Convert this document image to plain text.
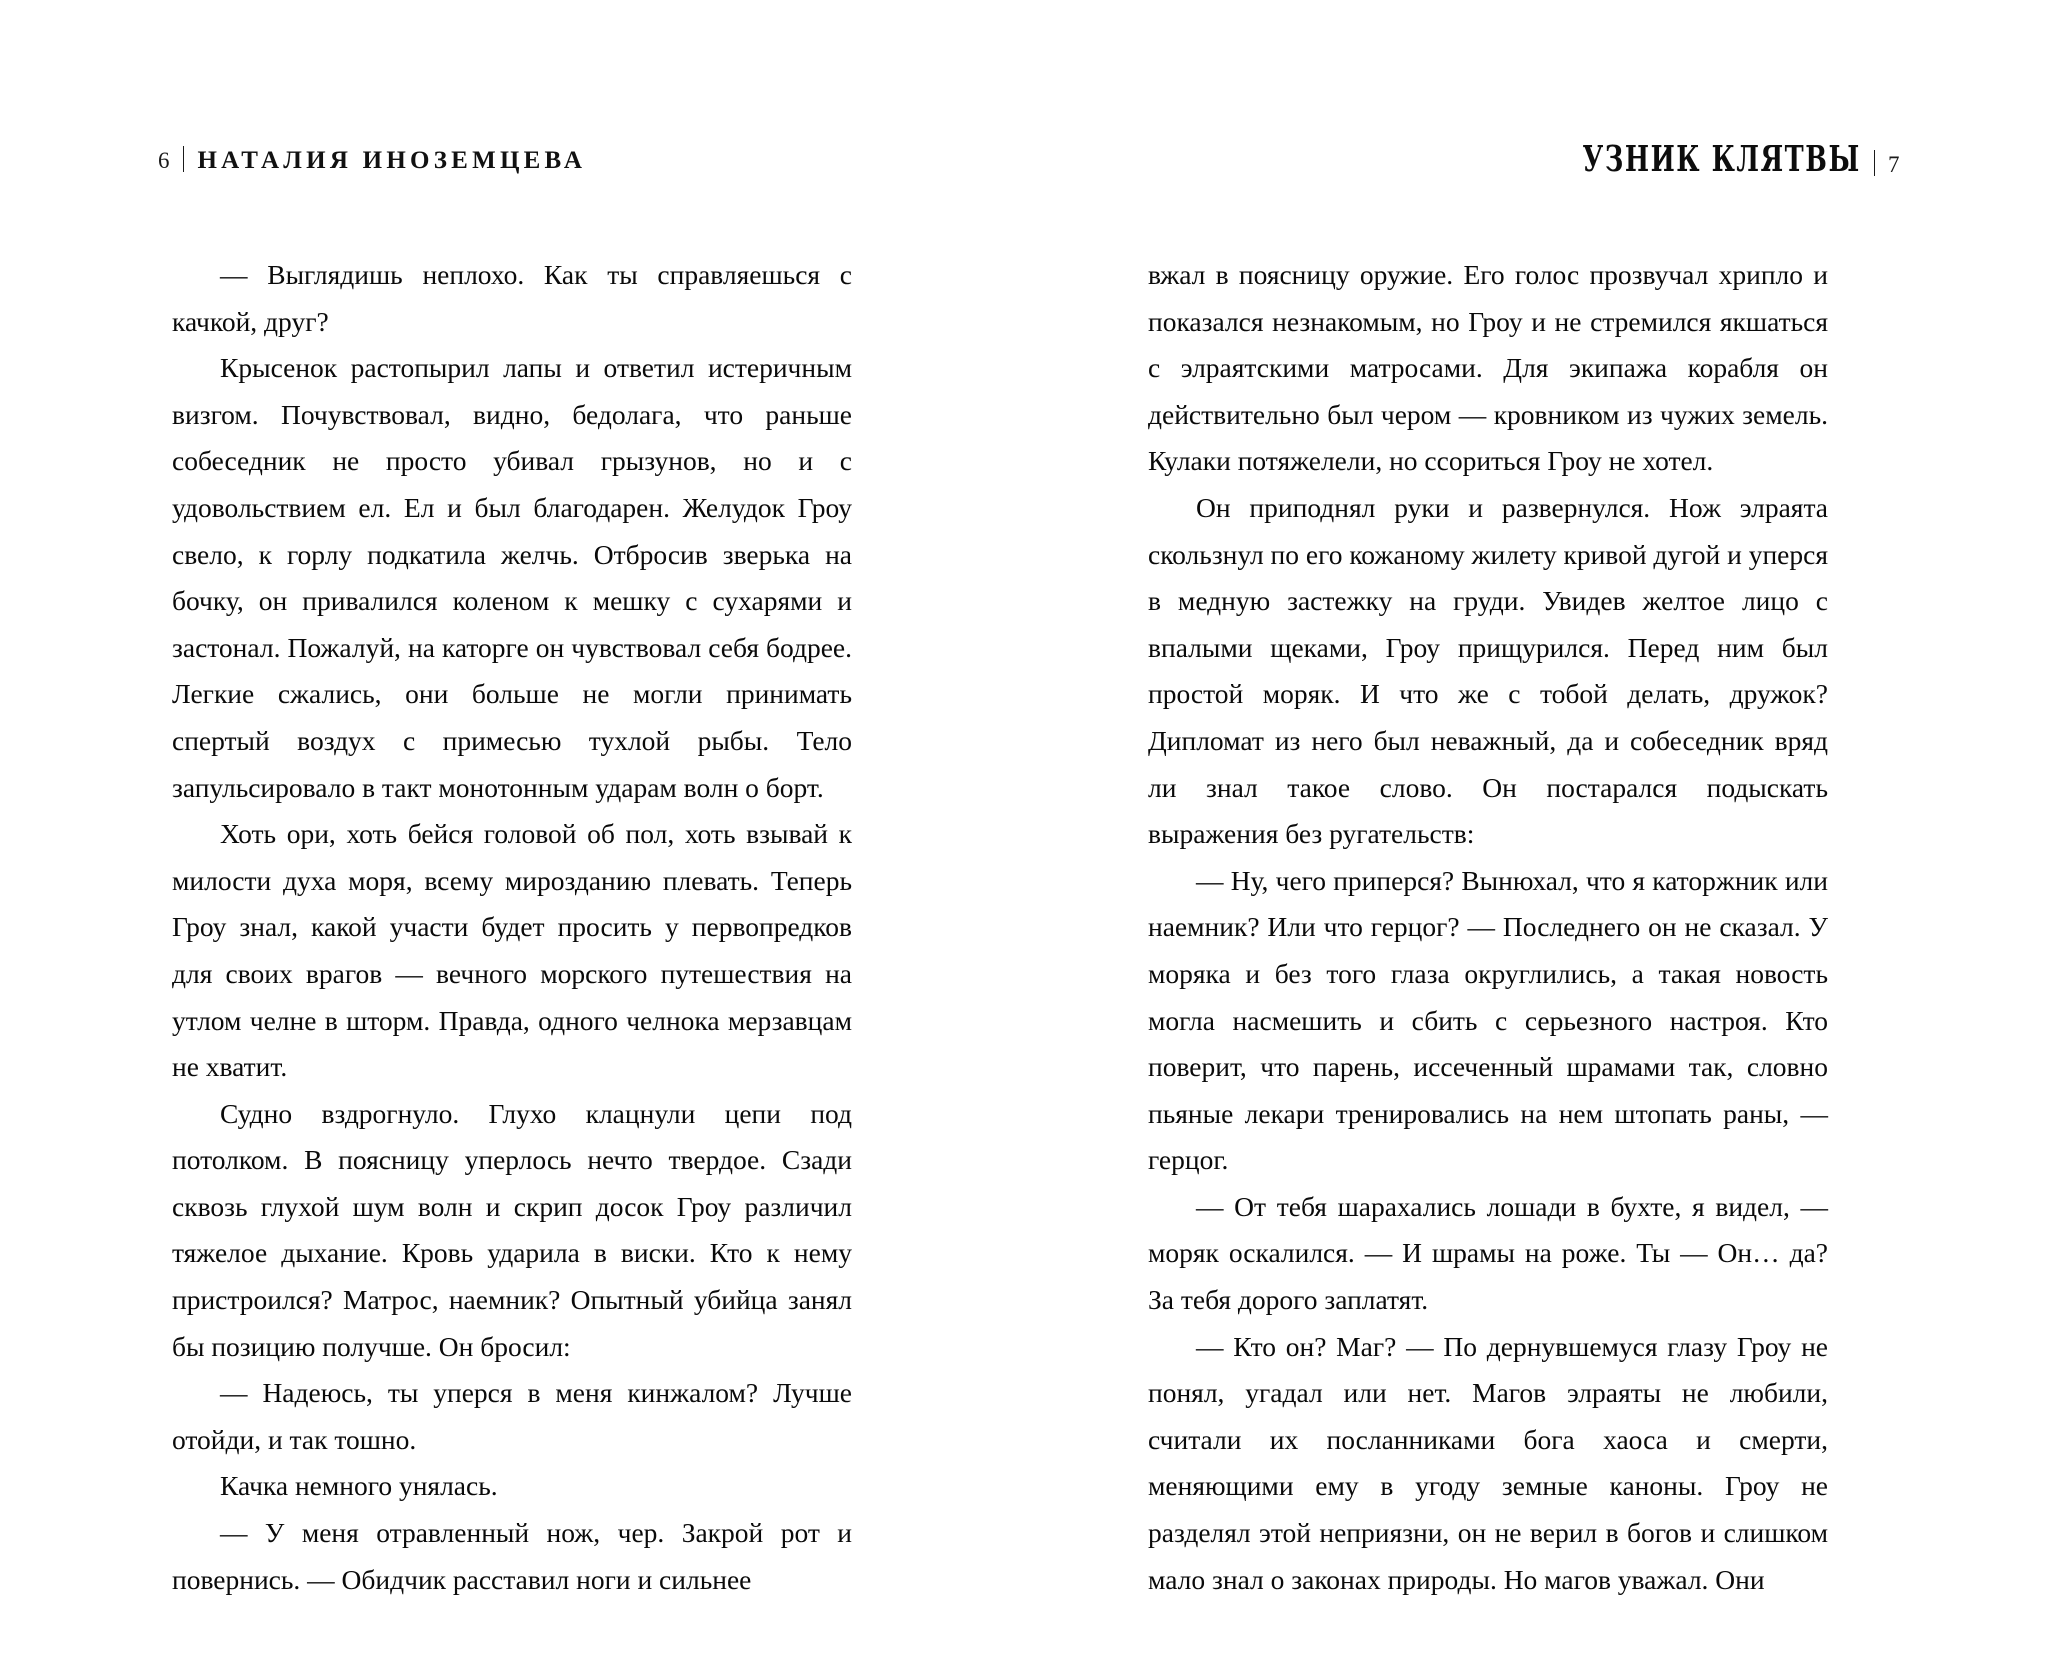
6 НАТАЛИЯ ИНОЗЕМЦЕВА	УЗНИК КЛЯТВЫ 7

— Выглядишь неплохо. Как ты справляешься с качкой, друг?

Крысенок растопырил лапы и ответил истеричным визгом. Почувствовал, видно, бедолага, что раньше собеседник не просто убивал грызунов, но и с удовольствием ел. Ел и был благодарен. Желудок Гроу свело, к горлу подкатила желчь. Отбросив зверька на бочку, он привалился коленом к мешку с сухарями и застонал. Пожалуй, на каторге он чувствовал себя бодрее. Легкие сжались, они больше не могли принимать спертый воздух с примесью тухлой рыбы. Тело запульсировало в такт монотонным ударам волн о борт.

Хоть ори, хоть бейся головой об пол, хоть взывай к милости духа моря, всему мирозданию плевать. Теперь Гроу знал, какой участи будет просить у первопредков для своих врагов — вечного морского путешествия на утлом челне в шторм. Правда, одного челнока мерзавцам не хватит.

Судно вздрогнуло. Глухо клацнули цепи под потолком. В поясницу уперлось нечто твердое. Сзади сквозь глухой шум волн и скрип досок Гроу различил тяжелое дыхание. Кровь ударила в виски. Кто к нему пристроился? Матрос, наемник? Опытный убийца занял бы позицию получше. Он бросил:

— Надеюсь, ты уперся в меня кинжалом? Лучше отойди, и так тошно.

Качка немного унялась.

— У меня отравленный нож, чер. Закрой рот и повернись. — Обидчик расставил ноги и сильнее

вжал в поясницу оружие. Его голос прозвучал хрипло и показался незнакомым, но Гроу и не стремился якшаться с элраятскими матросами. Для экипажа корабля он действительно был чером — кровником из чужих земель. Кулаки потяжелели, но ссориться Гроу не хотел.

Он приподнял руки и развернулся. Нож элраята скользнул по его кожаному жилету кривой дугой и уперся в медную застежку на груди. Увидев желтое лицо с впалыми щеками, Гроу прищурился. Перед ним был простой моряк. И что же с тобой делать, дружок? Дипломат из него был неважный, да и собеседник вряд ли знал такое слово. Он постарался подыскать выражения без ругательств:

— Ну, чего приперся? Вынюхал, что я каторжник или наемник? Или что герцог? — Последнего он не сказал. У моряка и без того глаза округлились, а такая новость могла насмешить и сбить с серьезного настроя. Кто поверит, что парень, иссеченный шрамами так, словно пьяные лекари тренировались на нем штопать раны, — герцог.

— От тебя шарахались лошади в бухте, я видел, — моряк оскалился. — И шрамы на роже. Ты — Он… да? За тебя дорого заплатят.

— Кто он? Маг? — По дернувшемуся глазу Гроу не понял, угадал или нет. Магов элраяты не любили, считали их посланниками бога хаоса и смерти, меняющими ему в угоду земные каноны. Гроу не разделял этой неприязни, он не верил в богов и слишком мало знал о законах природы. Но магов уважал. Они
